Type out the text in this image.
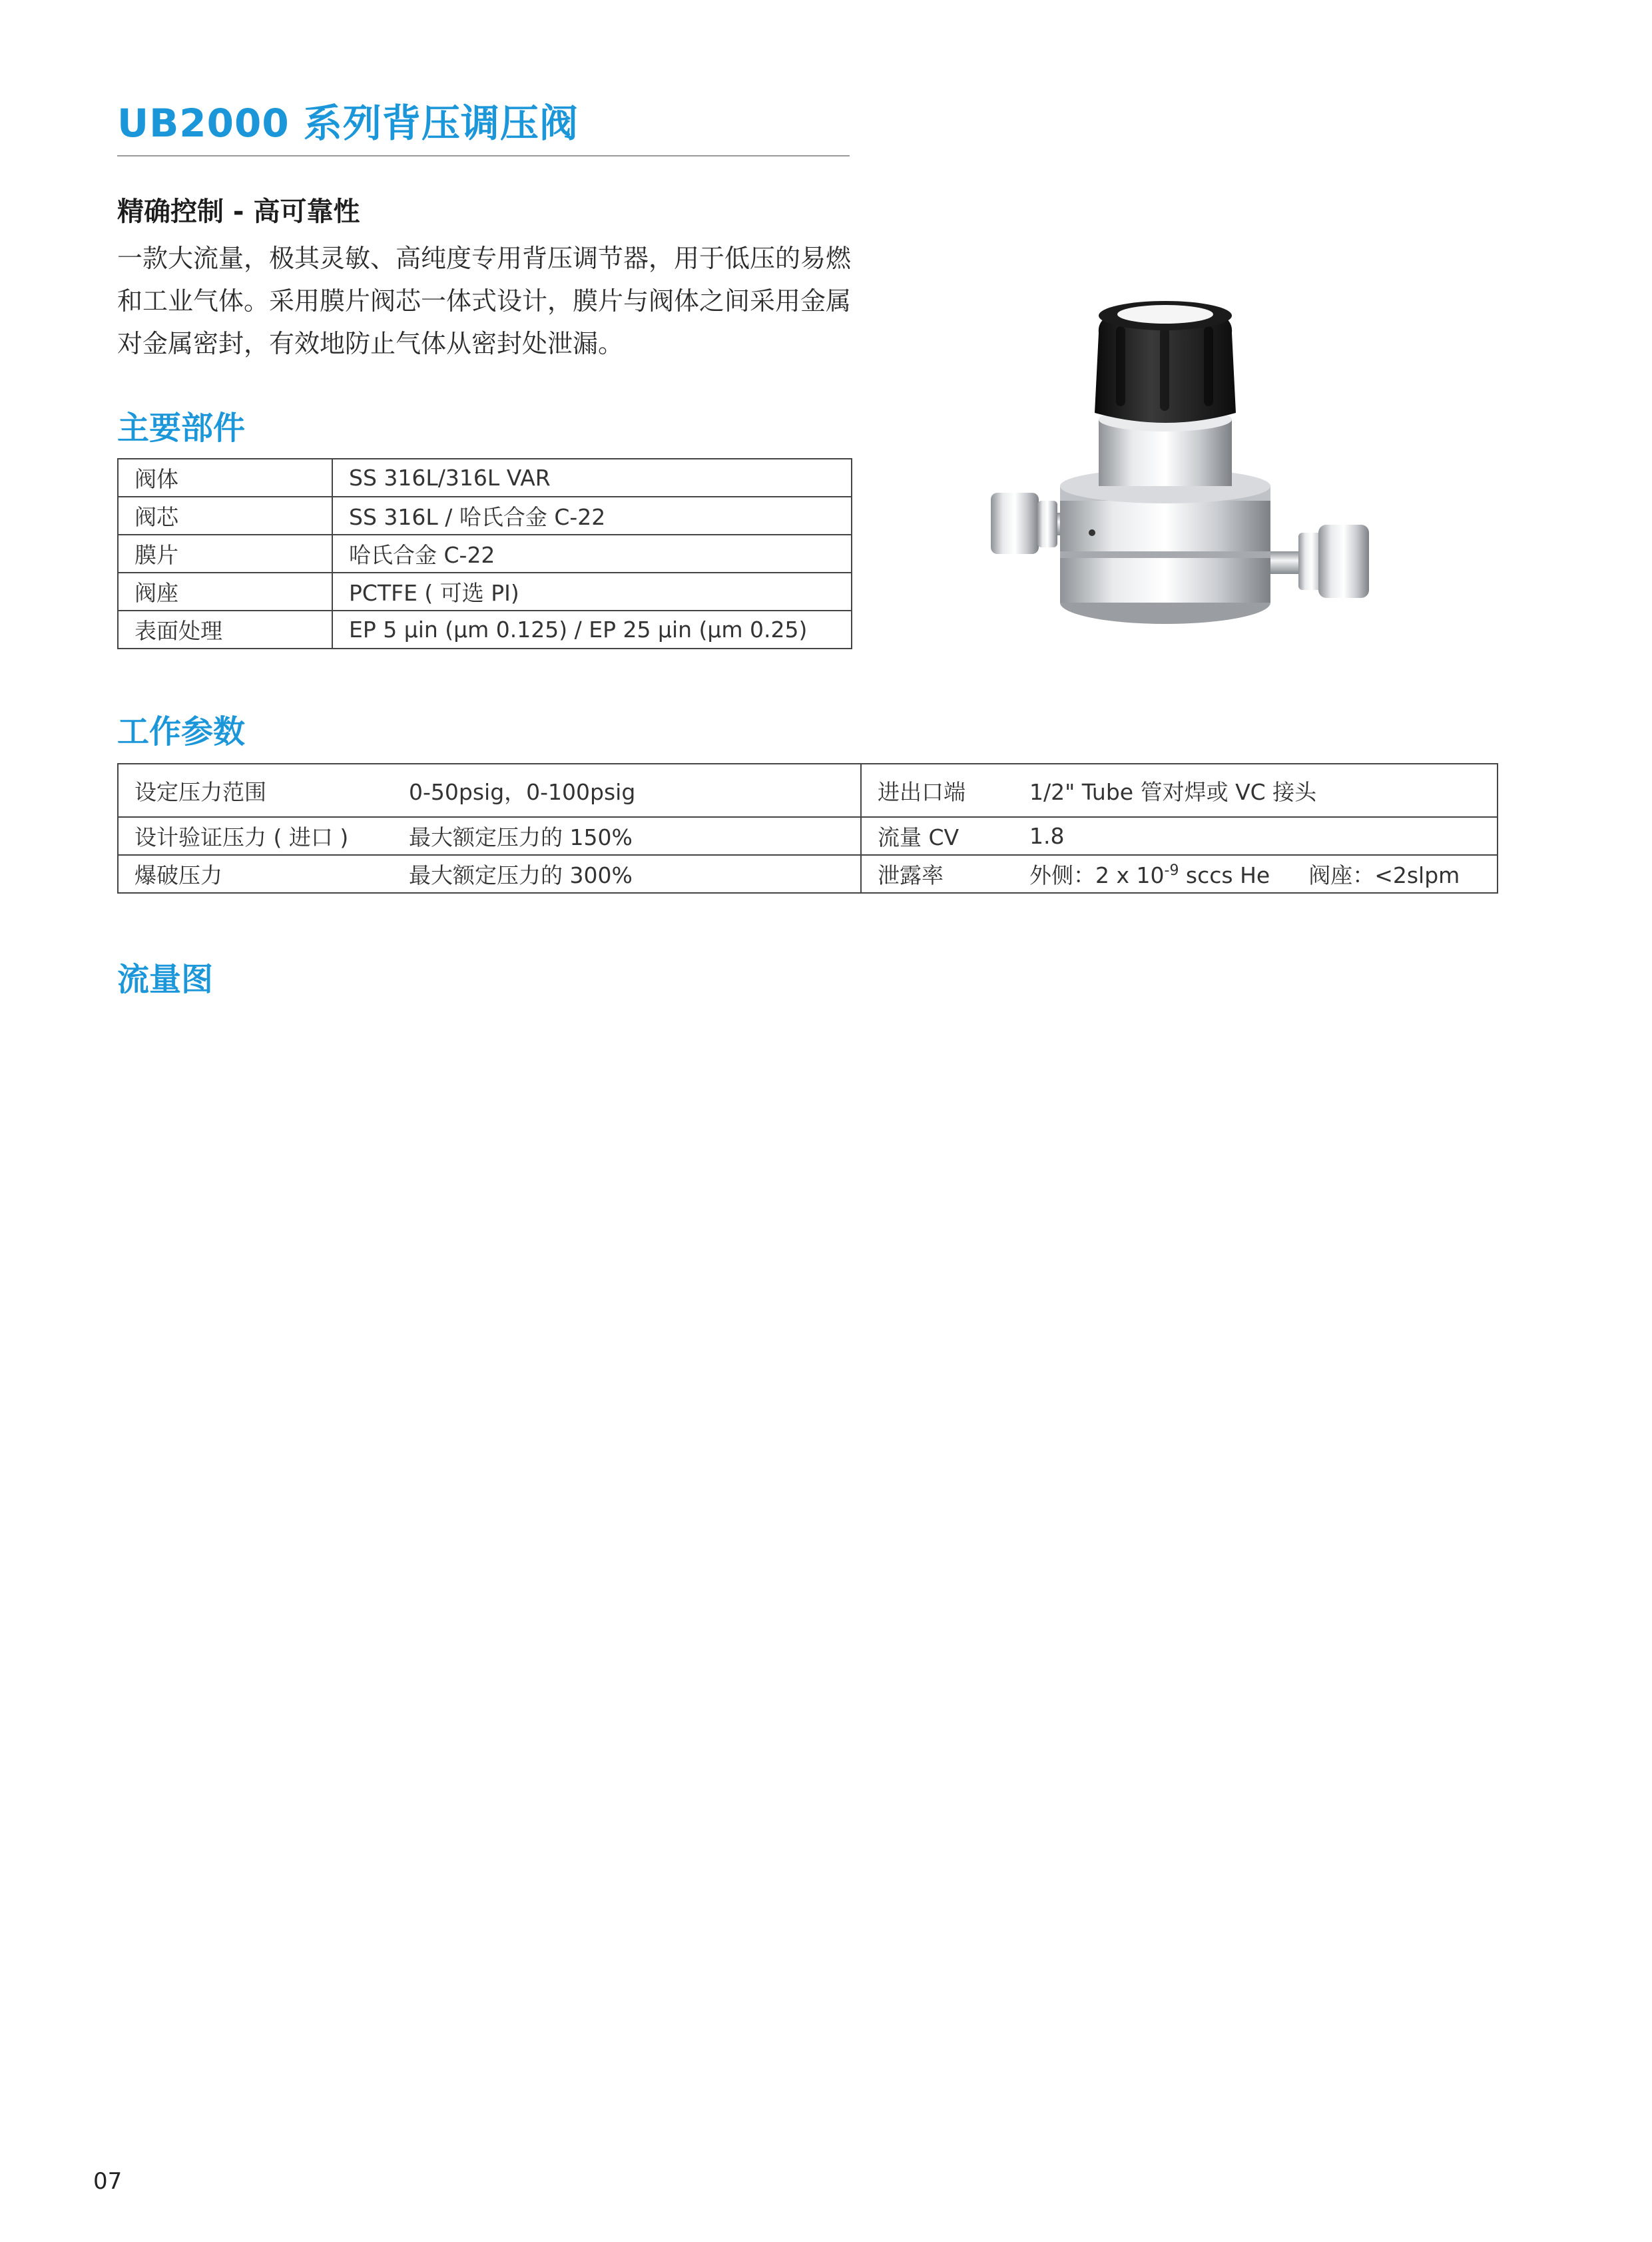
UB2000 系列背压调压阀
精确控制 - 高可靠性
一款大流量，极其灵敏、高纯度专用背压调节器，用于低压的易燃
和工业气体。采用膜片阀芯一体式设计，膜片与阀体之间采用金属
对金属密封，有效地防止气体从密封处泄漏。
主要部件
阀体	SS 316L/316L VAR
阀芯	SS 316L / 哈氏合金 C-22
膜片	哈氏合金 C-22
阀座	PCTFE ( 可选 PI)
表面处理	EP 5 µin (µm 0.125) / EP 25 µin (µm 0.25)
工作参数
设定压力范围	0-50psig，0-100psig	进出口端	1/2" Tube 管对焊或 VC 接头
设计验证压力 ( 进口 )	最大额定压力的 150%	流量 CV	1.8
爆破压力	最大额定压力的 300%	泄露率	外侧：2 x $10^{-9}$ sccs He 阀座：<2slpm
流量图
07
